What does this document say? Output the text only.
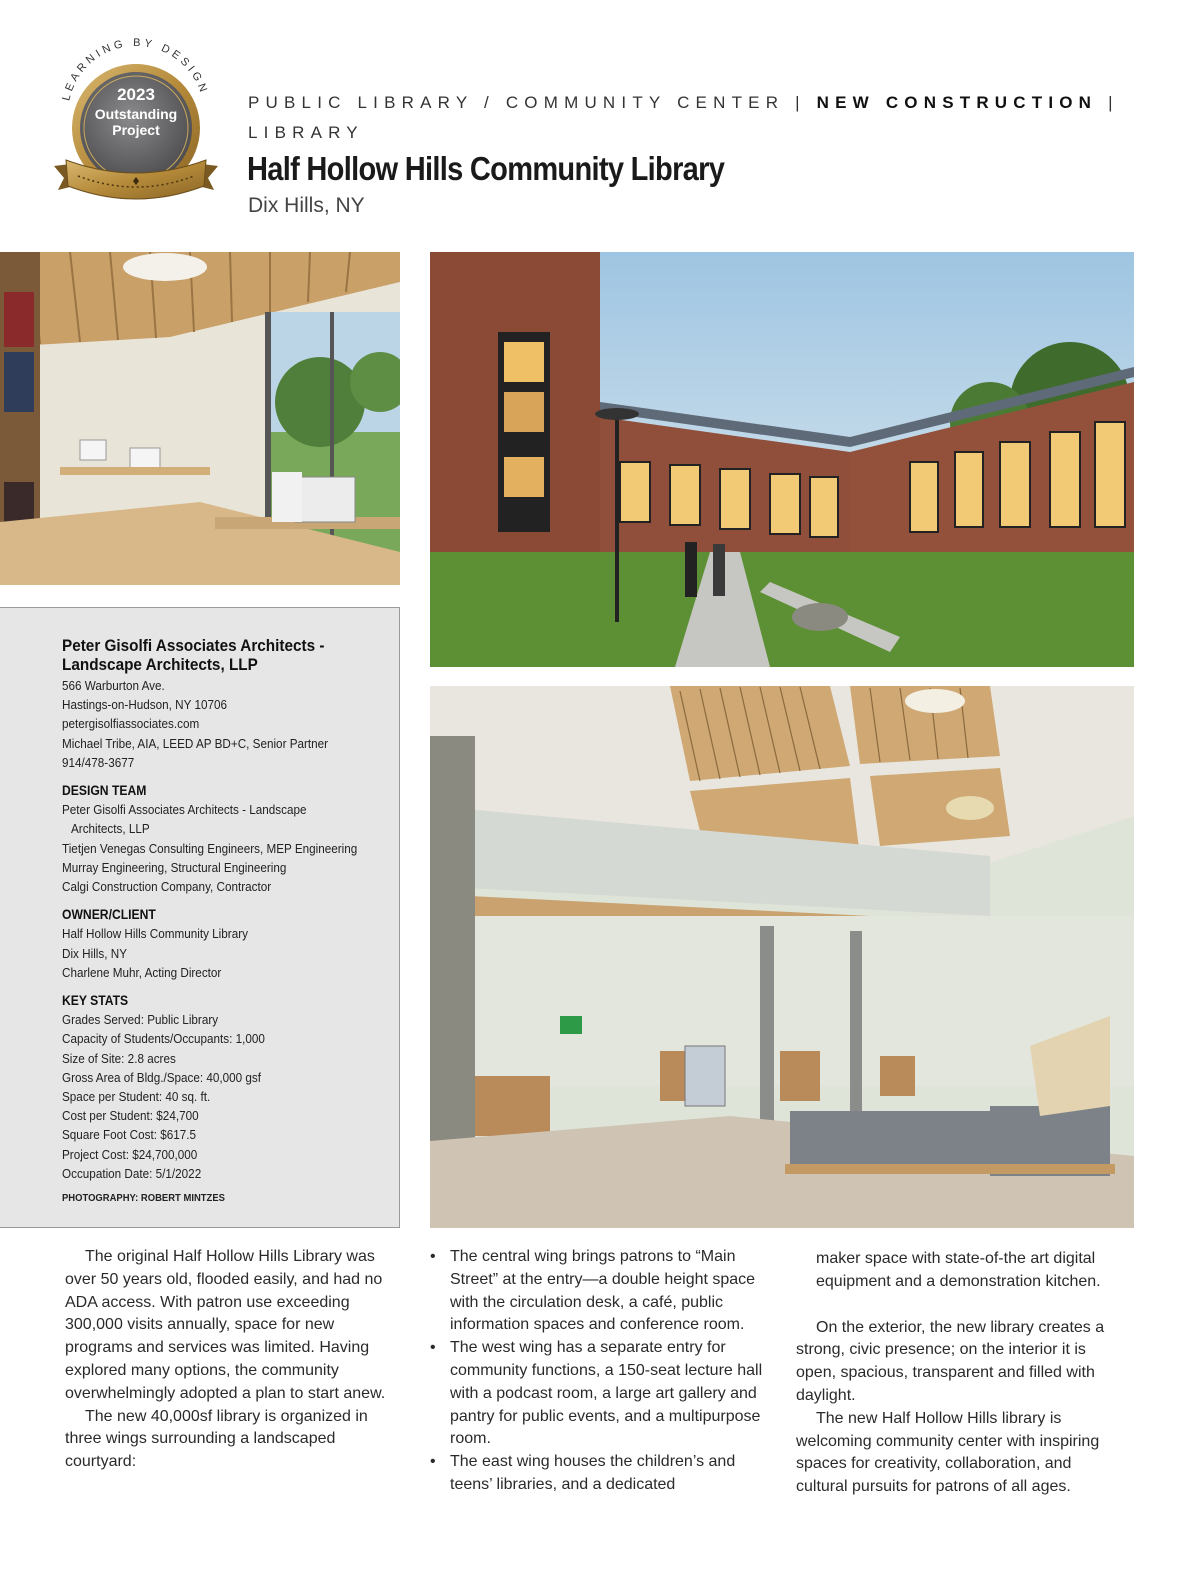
LEARNING BY DESIGN
2023
Outstanding
Project
PUBLIC LIBRARY / COMMUNITY CENTER | NEW CONSTRUCTION | LIBRARY
Half Hollow Hills Community Library
Dix Hills, NY
Peter Gisolfi Associates Architects - Landscape Architects, LLP
566 Warburton Ave.
Hastings-on-Hudson, NY 10706
petergisolfiassociates.com
Michael Tribe, AIA, LEED AP BD+C, Senior Partner
914/478-3677
DESIGN TEAM
Peter Gisolfi Associates Architects - Landscape
Architects, LLP
Tietjen Venegas Consulting Engineers, MEP Engineering
Murray Engineering, Structural Engineering
Calgi Construction Company, Contractor
OWNER/CLIENT
Half Hollow Hills Community Library
Dix Hills, NY
Charlene Muhr, Acting Director
KEY STATS
Grades Served: Public Library
Capacity of Students/Occupants: 1,000
Size of Site: 2.8 acres
Gross Area of Bldg./Space: 40,000 gsf
Space per Student: 40 sq. ft.
Cost per Student: $24,700
Square Foot Cost: $617.5
Project Cost: $24,700,000
Occupation Date: 5/1/2022
PHOTOGRAPHY: ROBERT MINTZES

The original Half Hollow Hills Library was over 50 years old, flooded easily, and had no ADA access. With patron use exceeding 300,000 visits annually, space for new programs and services was limited. Having explored many options, the community overwhelmingly adopted a plan to start anew.

The new 40,000sf library is organized in three wings surrounding a landscaped courtyard:

• The central wing brings patrons to “Main Street” at the entry—a double height space with the circulation desk, a café, public information spaces and conference room.

• The west wing has a separate entry for community functions, a 150-seat lecture hall with a podcast room, a large art gallery and pantry for public events, and a multipurpose room.

• The east wing houses the children’s and teens’ libraries, and a dedicated

maker space with state-of-the art digital equipment and a demonstration kitchen.

On the exterior, the new library creates a strong, civic presence; on the interior it is open, spacious, transparent and filled with daylight.

The new Half Hollow Hills library is welcoming community center with inspiring spaces for creativity, collaboration, and cultural pursuits for patrons of all ages.
